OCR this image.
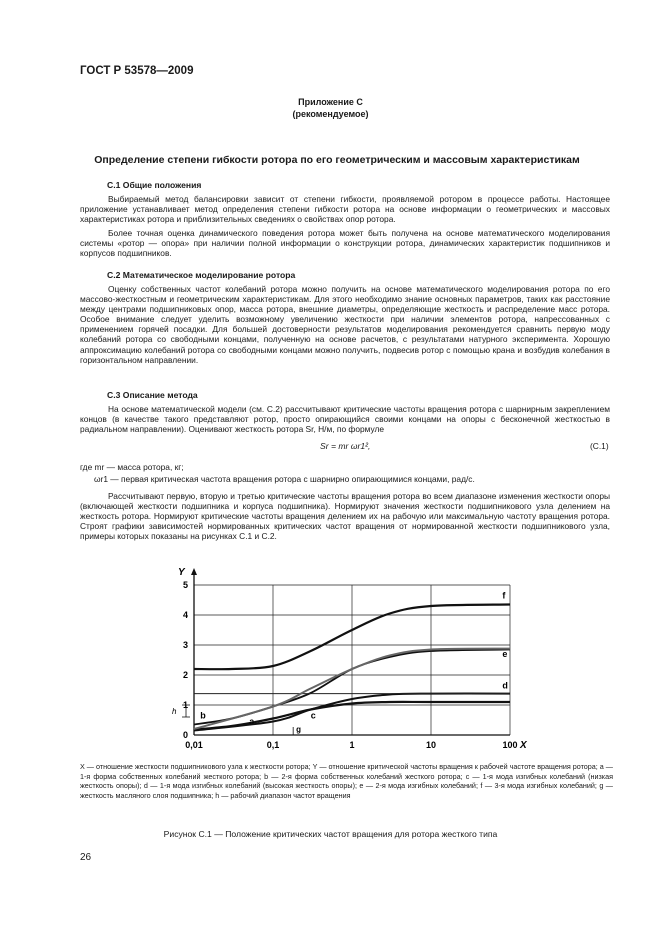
ГОСТ Р 53578—2009
Приложение С
(рекомендуемое)
Определение степени гибкости ротора по его геометрическим и массовым характеристикам
С.1 Общие положения
Выбираемый метод балансировки зависит от степени гибкости, проявляемой ротором в процессе работы. Настоящее приложение устанавливает метод определения степени гибкости ротора на основе информации о геометрических и массовых характеристиках ротора и приблизительных сведениях о свойствах опор ротора.
Более точная оценка динамического поведения ротора может быть получена на основе математического моделирования системы «ротор — опора» при наличии полной информации о конструкции ротора, динамических характеристик подшипников и корпусов подшипников.
С.2 Математическое моделирование ротора
Оценку собственных частот колебаний ротора можно получить на основе математического моделирования ротора по его массово-жесткостным и геометрическим характеристикам. Для этого необходимо знание основных параметров, таких как расстояние между центрами подшипниковых опор, масса ротора, внешние диаметры, определяющие жесткость и распределение масс ротора. Особое внимание следует уделить возможному увеличению жесткости при наличии элементов ротора, напрессованных с применением горячей посадки. Для большей достоверности результатов моделирования рекомендуется сравнить первую моду колебаний ротора со свободными концами, полученную на основе расчетов, с результатами натурного эксперимента. Хорошую аппроксимацию колебаний ротора со свободными концами можно получить, подвесив ротор с помощью крана и возбудив колебания в горизонтальном направлении.
С.3 Описание метода
На основе математической модели (см. С.2) рассчитывают критические частоты вращения ротора с шарнирным закреплением концов (в качестве такого представляют ротор, просто опирающийся своими концами на опоры с бесконечной жесткостью в радиальном направлении). Оценивают жесткость ротора Sr, Н/м, по формуле
Sr = mr ωr1²,	(С.1)
где mr — масса ротора, кг;
ωr1 — первая критическая частота вращения ротора с шарнирно опирающимися концами, рад/с.
Рассчитывают первую, вторую и третью критические частоты вращения ротора во всем диапазоне изменения жесткости опоры (включающей жесткости подшипника и корпуса подшипника). Нормируют значения жесткости подшипникового узла делением на жесткость ротора. Нормируют критические частоты вращения делением их на рабочую или максимальную частоту вращения ротора. Строят графики зависимостей нормированных критических частот вращения от нормированной жесткости подшипникового узла, примеры которых показаны на рисунках С.1 и С.2.
0
1
2
3
4
5
0,01	0,1	1	10	100
Y
X
a
b	c
d
e
f
h
g
X — отношение жесткости подшипникового узла к жесткости ротора; Y — отношение критической частоты вращения к рабочей частоте вращения ротора; a — 1-я форма собственных колебаний жесткого ротора; b — 2-я форма собственных колебаний жесткого ротора; c — 1-я мода изгибных колебаний (низкая жесткость опоры); d — 1-я мода изгибных колебаний (высокая жесткость опоры); e — 2-я мода изгибных колебаний; f — 3-я мода изгибных колебаний; g — жесткость масляного слоя подшипника; h — рабочий диапазон частот вращения
Рисунок С.1 — Положение критических частот вращения для ротора жесткого типа
26
